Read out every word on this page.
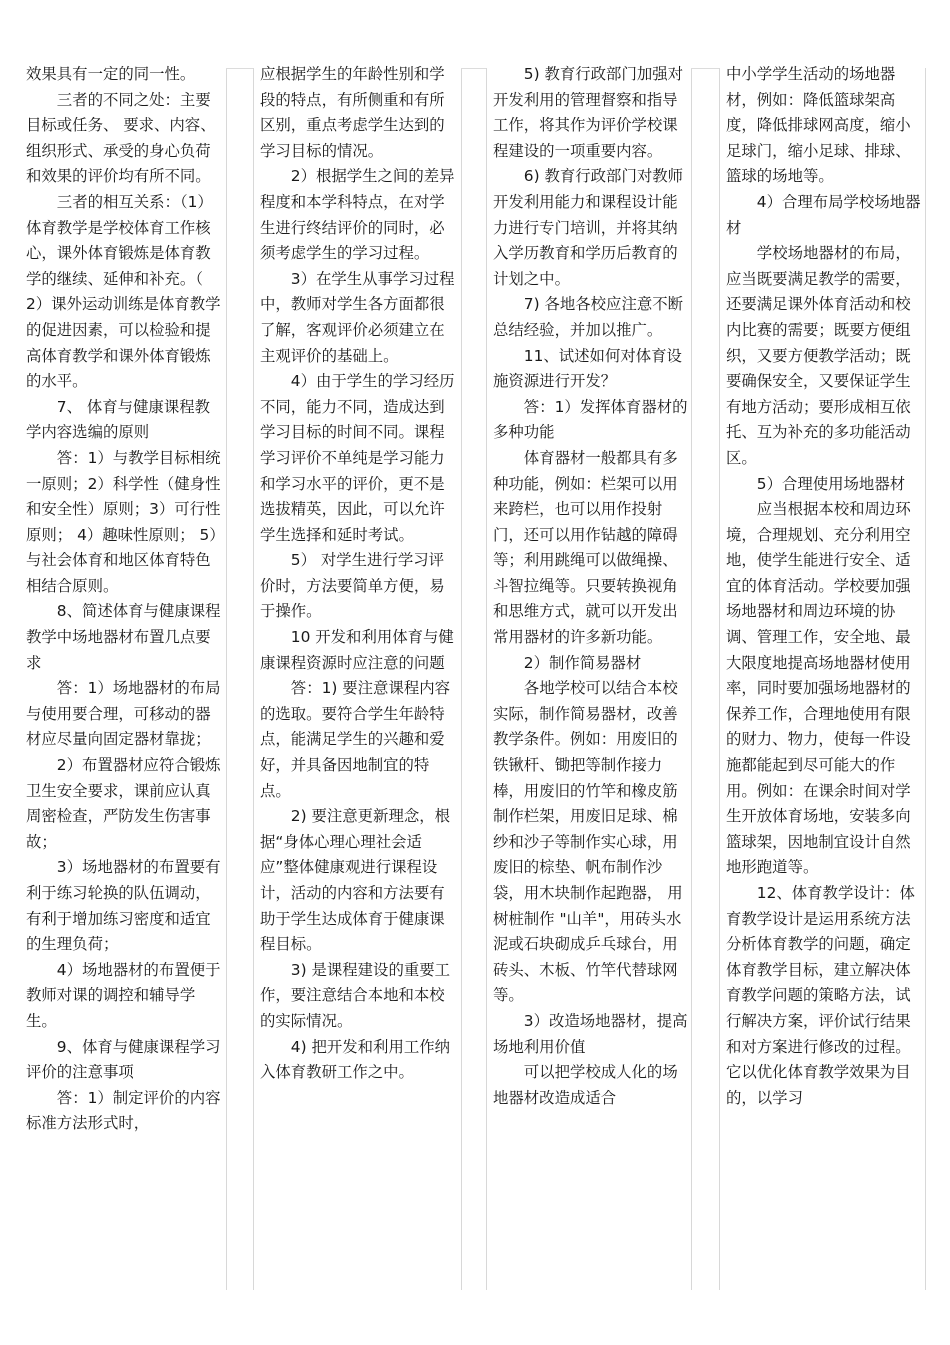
效果具有一定的同一性。

三者的不同之处：主要目标或任务、 要求、内容、组织形式、承受的身心负荷和效果的评价均有所不同。

三者的相互关系：（1）体育教学是学校体育工作核心，课外体育锻炼是体育教学的继续、延伸和补充。（ 2）课外运动训练是体育教学的促进因素，可以检验和提高体育教学和课外体育锻炼的水平。

7、 体育与健康课程教学内容选编的原则

答：1）与教学目标相统一原则；2）科学性（健身性和安全性）原则；3）可行性原则； 4）趣味性原则； 5）与社会体育和地区体育特色相结合原则。

8、简述体育与健康课程教学中场地器材布置几点要求

答：1）场地器材的布局与使用要合理，可移动的器材应尽量向固定器材靠拢；

2）布置器材应符合锻炼卫生安全要求，课前应认真周密检查，严防发生伤害事故；

3）场地器材的布置要有利于练习轮换的队伍调动，有利于增加练习密度和适宜的生理负荷；

4）场地器材的布置便于教师对课的调控和辅导学生。

9、体育与健康课程学习评价的注意事项

答：1）制定评价的内容标准方法形式时，

应根据学生的年龄性别和学段的特点，有所侧重和有所区别，重点考虑学生达到的学习目标的情况。

2）根据学生之间的差异程度和本学科特点，在对学生进行终结评价的同时，必须考虑学生的学习过程。

3）在学生从事学习过程中，教师对学生各方面都很了解，客观评价必须建立在主观评价的基础上。

4）由于学生的学习经历不同，能力不同，造成达到学习目标的时间不同。课程学习评价不单纯是学习能力和学习水平的评价，更不是选拔精英，因此，可以允许学生选择和延时考试。

5） 对学生进行学习评价时，方法要简单方便，易于操作。

10 开发和利用体育与健康课程资源时应注意的问题

答：1) 要注意课程内容的选取。要符合学生年龄特点，能满足学生的兴趣和爱好，并具备因地制宜的特点。

2) 要注意更新理念，根据“身体心理心理社会适应”整体健康观进行课程设计，活动的内容和方法要有助于学生达成体育于健康课程目标。

3) 是课程建设的重要工作，要注意结合本地和本校的实际情况。

4) 把开发和利用工作纳入体育教研工作之中。

5) 教育行政部门加强对开发利用的管理督察和指导工作，将其作为评价学校课程建设的一项重要内容。

6) 教育行政部门对教师开发利用能力和课程设计能力进行专门培训，并将其纳入学历教育和学历后教育的计划之中。

7) 各地各校应注意不断总结经验，并加以推广。

11、试述如何对体育设施资源进行开发？

答：1）发挥体育器材的多种功能

体育器材一般都具有多种功能，例如：栏架可以用来跨栏，也可以用作投射门，还可以用作钻越的障碍等；利用跳绳可以做绳操、斗智拉绳等。只要转换视角和思维方式，就可以开发出常用器材的许多新功能。

2）制作简易器材

各地学校可以结合本校实际，制作简易器材，改善教学条件。例如：用废旧的铁锹杆、锄把等制作接力棒，用废旧的竹竿和橡皮筋制作栏架，用废旧足球、棉纱和沙子等制作实心球，用废旧的棕垫、帆布制作沙袋，用木块制作起跑器， 用树桩制作 "山羊"，用砖头水泥或石块砌成乒乓球台，用砖头、木板、竹竿代替球网等。

3）改造场地器材，提高场地利用价值

可以把学校成人化的场地器材改造成适合

中小学学生活动的场地器材，例如：降低篮球架高度，降低排球网高度，缩小足球门，缩小足球、排球、篮球的场地等。

4）合理布局学校场地器材

学校场地器材的布局，应当既要满足教学的需要，还要满足课外体育活动和校内比赛的需要；既要方便组织，又要方便教学活动；既要确保安全，又要保证学生有地方活动；要形成相互依托、互为补充的多功能活动区。

5）合理使用场地器材

应当根据本校和周边环境，合理规划、充分利用空地，使学生能进行安全、适宜的体育活动。学校要加强场地器材和周边环境的协调、管理工作，安全地、最大限度地提高场地器材使用率，同时要加强场地器材的保养工作，合理地使用有限的财力、物力，使每一件设施都能起到尽可能大的作用。例如：在课余时间对学生开放体育场地，安装多向篮球架，因地制宜设计自然地形跑道等。

12、体育教学设计：体育教学设计是运用系统方法分析体育教学的问题，确定体育教学目标，建立解决体育教学问题的策略方法，试行解决方案，评价试行结果和对方案进行修改的过程。它以优化体育教学效果为目的，以学习
